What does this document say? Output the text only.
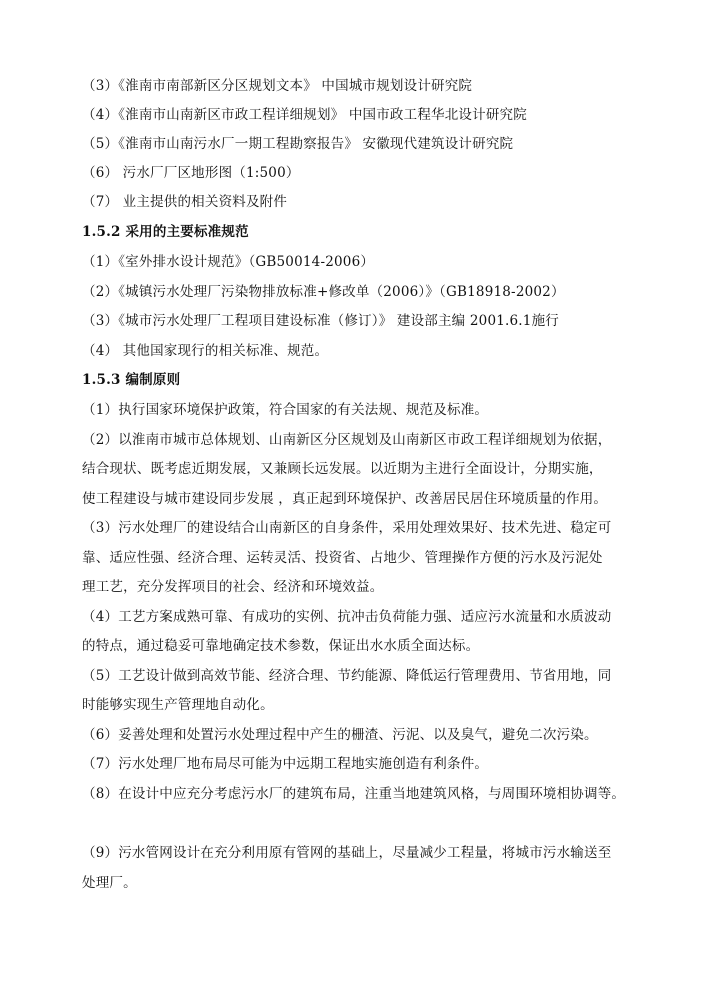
（3）《淮南市南部新区分区规划文本》 中国城市规划设计研究院
（4）《淮南市山南新区市政工程详细规划》 中国市政工程华北设计研究院
（5）《淮南市山南污水厂一期工程勘察报告》 安徽现代建筑设计研究院
（6） 污水厂厂区地形图（1:500）
（7） 业主提供的相关资料及附件
1.5.2 采用的主要标准规范
（1）《室外排水设计规范》（GB50014-2006）
（2）《城镇污水处理厂污染物排放标准+修改单（2006）》（GB18918-2002）
（3）《城市污水处理厂工程项目建设标准（修订）》 建设部主编 2001.6.1施行
（4） 其他国家现行的相关标准、规范。
1.5.3 编制原则
（1）执行国家环境保护政策，符合国家的有关法规、规范及标准。
（2）以淮南市城市总体规划、山南新区分区规划及山南新区市政工程详细规划为依据，
结合现状、既考虑近期发展，又兼顾长远发展。以近期为主进行全面设计，分期实施，
使工程建设与城市建设同步发展 ，真正起到环境保护、改善居民居住环境质量的作用。
（3）污水处理厂的建设结合山南新区的自身条件，采用处理效果好、技术先进、稳定可
靠、适应性强、经济合理、运转灵活、投资省、占地少、管理操作方便的污水及污泥处
理工艺，充分发挥项目的社会、经济和环境效益。
（4）工艺方案成熟可靠、有成功的实例、抗冲击负荷能力强、适应污水流量和水质波动
的特点，通过稳妥可靠地确定技术参数，保证出水水质全面达标。
（5）工艺设计做到高效节能、经济合理、节约能源、降低运行管理费用、节省用地，同
时能够实现生产管理地自动化。
（6）妥善处理和处置污水处理过程中产生的栅渣、污泥、以及臭气，避免二次污染。
（7）污水处理厂地布局尽可能为中远期工程地实施创造有利条件。
（8）在设计中应充分考虑污水厂的建筑布局，注重当地建筑风格，与周围环境相协调等。
（9）污水管网设计在充分利用原有管网的基础上，尽量减少工程量，将城市污水输送至
处理厂。
